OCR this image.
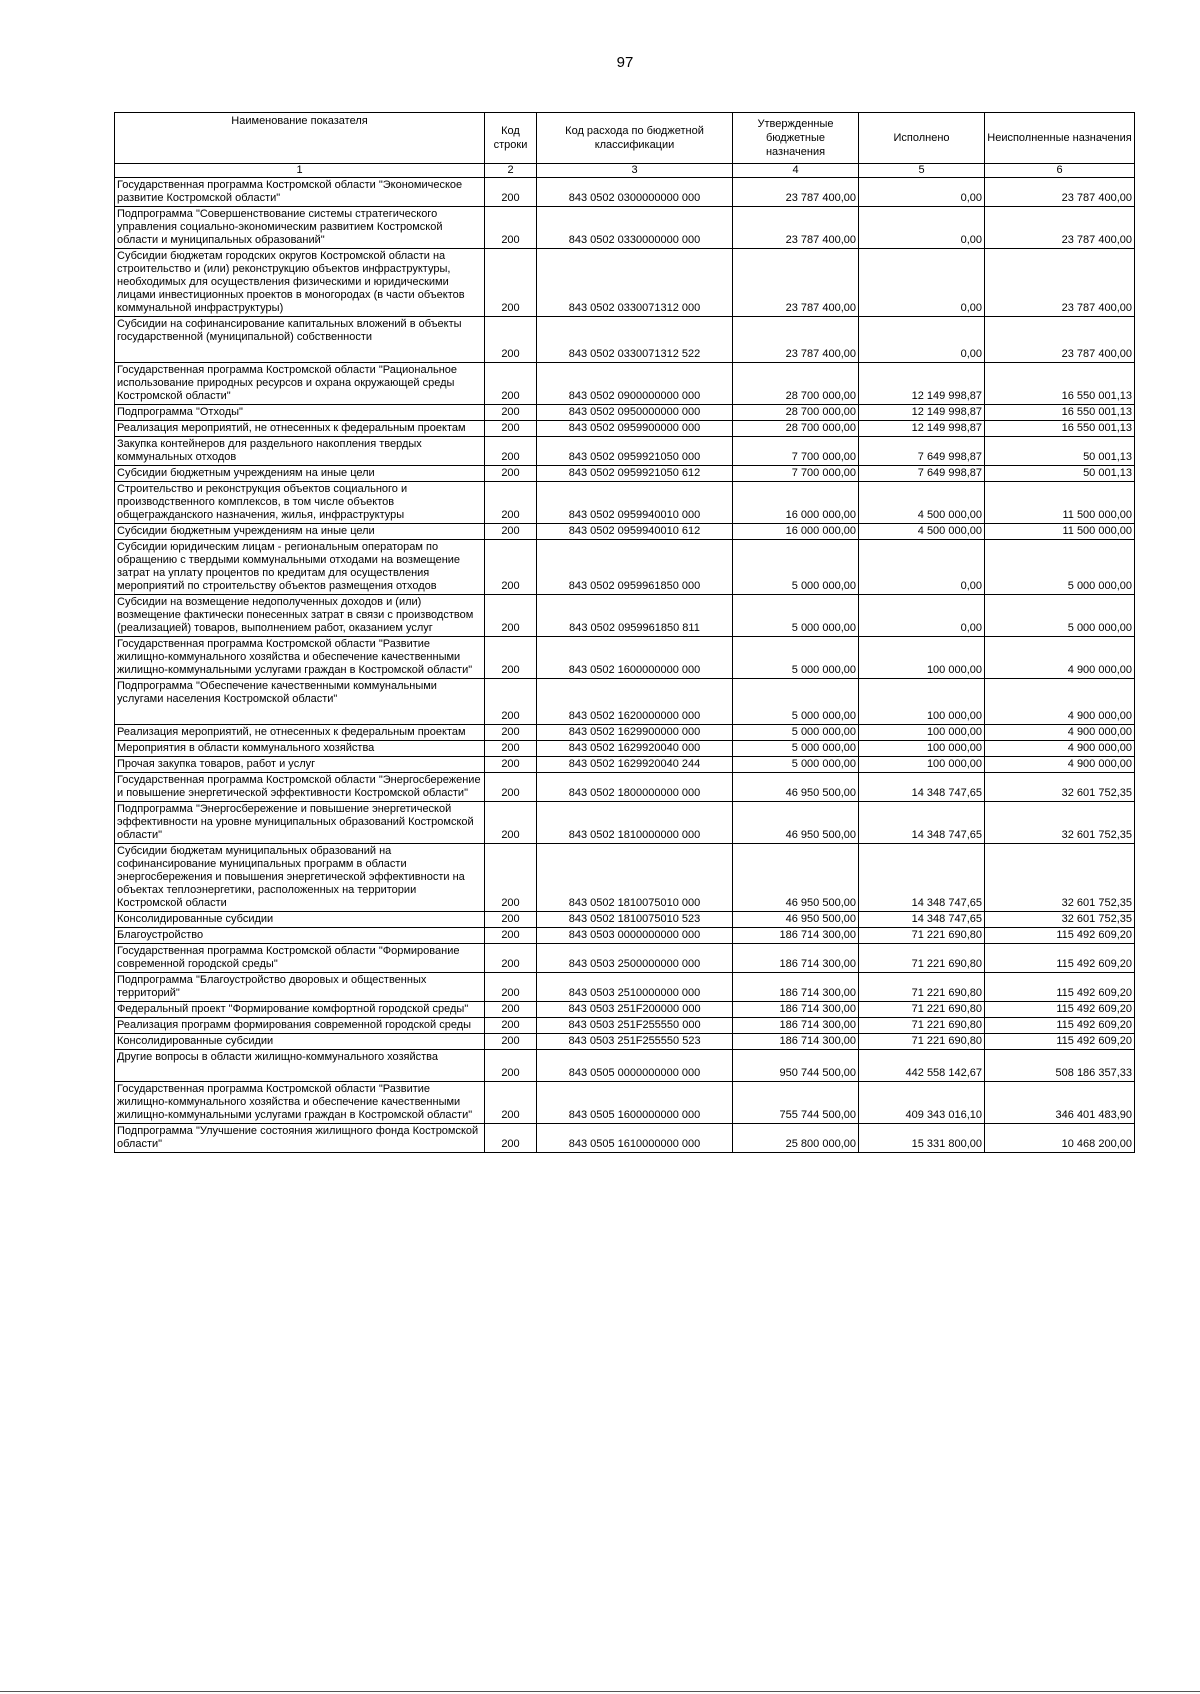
97
Наименование показателя	Код строки	Код расхода по бюджетной классификации	Утвержденные бюджетные назначения	Исполнено	Неисполненные назначения
1	2	3	4	5	6
Государственная программа Костромской области "Экономическое развитие Костромской области"	200	843 0502 0300000000 000	23 787 400,00	0,00	23 787 400,00
Подпрограмма "Совершенствование системы стратегического управления социально-экономическим развитием Костромской области и муниципальных образований"	200	843 0502 0330000000 000	23 787 400,00	0,00	23 787 400,00
Субсидии бюджетам городских округов Костромской области на строительство и (или) реконструкцию объектов инфраструктуры, необходимых для осуществления физическими и юридическими лицами инвестиционных проектов в моногородах (в части объектов коммунальной инфраструктуры)	200	843 0502 0330071312 000	23 787 400,00	0,00	23 787 400,00
Субсидии на софинансирование капитальных вложений в объекты государственной (муниципальной) собственности	200	843 0502 0330071312 522	23 787 400,00	0,00	23 787 400,00
Государственная программа Костромской области "Рациональное использование природных ресурсов и охрана окружающей среды Костромской области"	200	843 0502 0900000000 000	28 700 000,00	12 149 998,87	16 550 001,13
Подпрограмма "Отходы"	200	843 0502 0950000000 000	28 700 000,00	12 149 998,87	16 550 001,13
Реализация мероприятий, не отнесенных к федеральным проектам	200	843 0502 0959900000 000	28 700 000,00	12 149 998,87	16 550 001,13
Закупка контейнеров для раздельного накопления твердых коммунальных отходов	200	843 0502 0959921050 000	7 700 000,00	7 649 998,87	50 001,13
Субсидии бюджетным учреждениям на иные цели	200	843 0502 0959921050 612	7 700 000,00	7 649 998,87	50 001,13
Строительство и реконструкция объектов социального и производственного комплексов, в том числе объектов общегражданского назначения, жилья, инфраструктуры	200	843 0502 0959940010 000	16 000 000,00	4 500 000,00	11 500 000,00
Субсидии бюджетным учреждениям на иные цели	200	843 0502 0959940010 612	16 000 000,00	4 500 000,00	11 500 000,00
Субсидии юридическим лицам - региональным операторам по обращению с твердыми коммунальными отходами на возмещение затрат на уплату процентов по кредитам для осуществления мероприятий по строительству объектов размещения отходов	200	843 0502 0959961850 000	5 000 000,00	0,00	5 000 000,00
Субсидии на возмещение недополученных доходов и (или) возмещение фактически понесенных затрат в связи с производством (реализацией) товаров, выполнением работ, оказанием услуг	200	843 0502 0959961850 811	5 000 000,00	0,00	5 000 000,00
Государственная программа Костромской области "Развитие жилищно-коммунального хозяйства и обеспечение качественными жилищно-коммунальными услугами граждан в Костромской области"	200	843 0502 1600000000 000	5 000 000,00	100 000,00	4 900 000,00
Подпрограмма "Обеспечение качественными коммунальными услугами населения Костромской области"	200	843 0502 1620000000 000	5 000 000,00	100 000,00	4 900 000,00
Реализация мероприятий, не отнесенных к федеральным проектам	200	843 0502 1629900000 000	5 000 000,00	100 000,00	4 900 000,00
Мероприятия в области коммунального хозяйства	200	843 0502 1629920040 000	5 000 000,00	100 000,00	4 900 000,00
Прочая закупка товаров, работ и услуг	200	843 0502 1629920040 244	5 000 000,00	100 000,00	4 900 000,00
Государственная программа Костромской области "Энергосбережение и повышение энергетической эффективности Костромской области"	200	843 0502 1800000000 000	46 950 500,00	14 348 747,65	32 601 752,35
Подпрограмма "Энергосбережение и повышение энергетической эффективности на уровне муниципальных образований Костромской области"	200	843 0502 1810000000 000	46 950 500,00	14 348 747,65	32 601 752,35
Субсидии бюджетам муниципальных образований на софинансирование муниципальных программ в области энергосбережения и повышения энергетической эффективности на объектах теплоэнергетики, расположенных на территории Костромской области	200	843 0502 1810075010 000	46 950 500,00	14 348 747,65	32 601 752,35
Консолидированные субсидии	200	843 0502 1810075010 523	46 950 500,00	14 348 747,65	32 601 752,35
Благоустройство	200	843 0503 0000000000 000	186 714 300,00	71 221 690,80	115 492 609,20
Государственная программа Костромской области "Формирование современной городской среды"	200	843 0503 2500000000 000	186 714 300,00	71 221 690,80	115 492 609,20
Подпрограмма "Благоустройство дворовых и общественных территорий"	200	843 0503 2510000000 000	186 714 300,00	71 221 690,80	115 492 609,20
Федеральный проект "Формирование комфортной городской среды"	200	843 0503 251F200000 000	186 714 300,00	71 221 690,80	115 492 609,20
Реализация программ формирования современной городской среды	200	843 0503 251F255550 000	186 714 300,00	71 221 690,80	115 492 609,20
Консолидированные субсидии	200	843 0503 251F255550 523	186 714 300,00	71 221 690,80	115 492 609,20
Другие вопросы в области жилищно-коммунального хозяйства	200	843 0505 0000000000 000	950 744 500,00	442 558 142,67	508 186 357,33
Государственная программа Костромской области "Развитие жилищно-коммунального хозяйства и обеспечение качественными жилищно-коммунальными услугами граждан в Костромской области"	200	843 0505 1600000000 000	755 744 500,00	409 343 016,10	346 401 483,90
Подпрограмма "Улучшение состояния жилищного фонда Костромской области"	200	843 0505 1610000000 000	25 800 000,00	15 331 800,00	10 468 200,00
